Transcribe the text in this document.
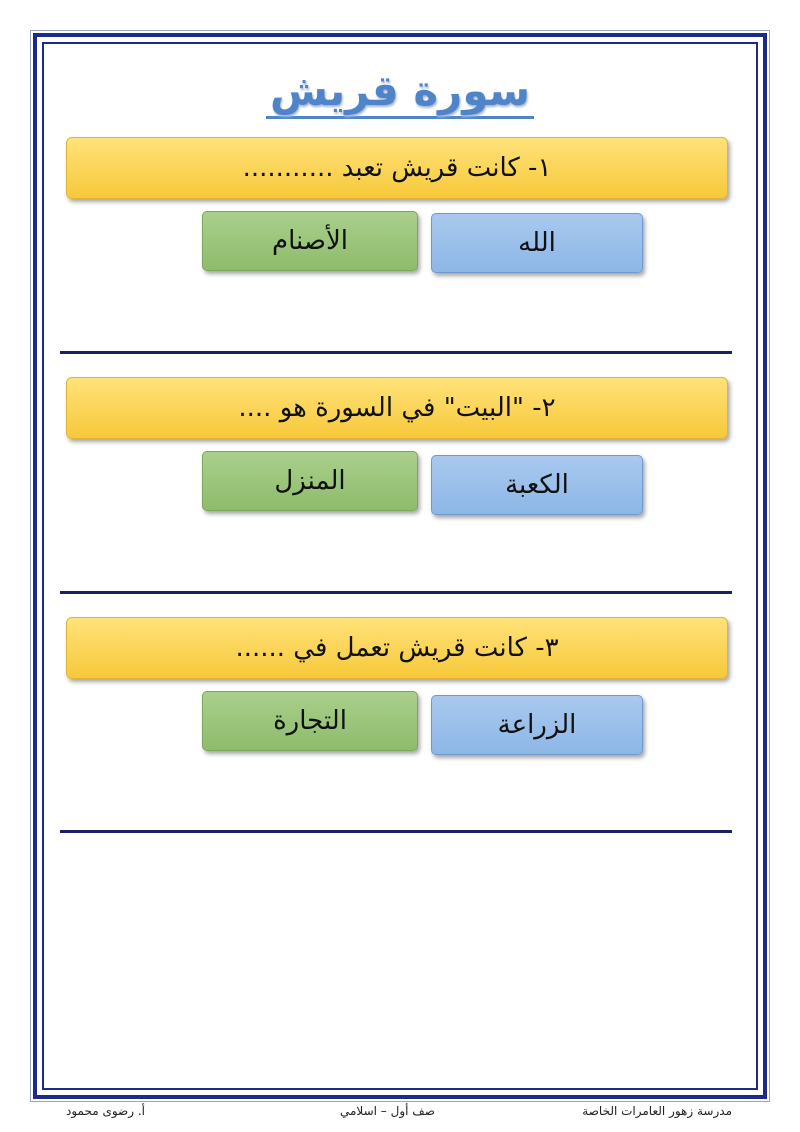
سورة قريش
١- كانت قريش تعبد ...........
الله
الأصنام
٢- "البيت" في السورة هو ....
الكعبة
المنزل
٣- كانت قريش تعمل في ......
الزراعة
التجارة
مدرسة زهور العامرات الخاصة
صف أول – اسلامي
أ. رضوى محمود
